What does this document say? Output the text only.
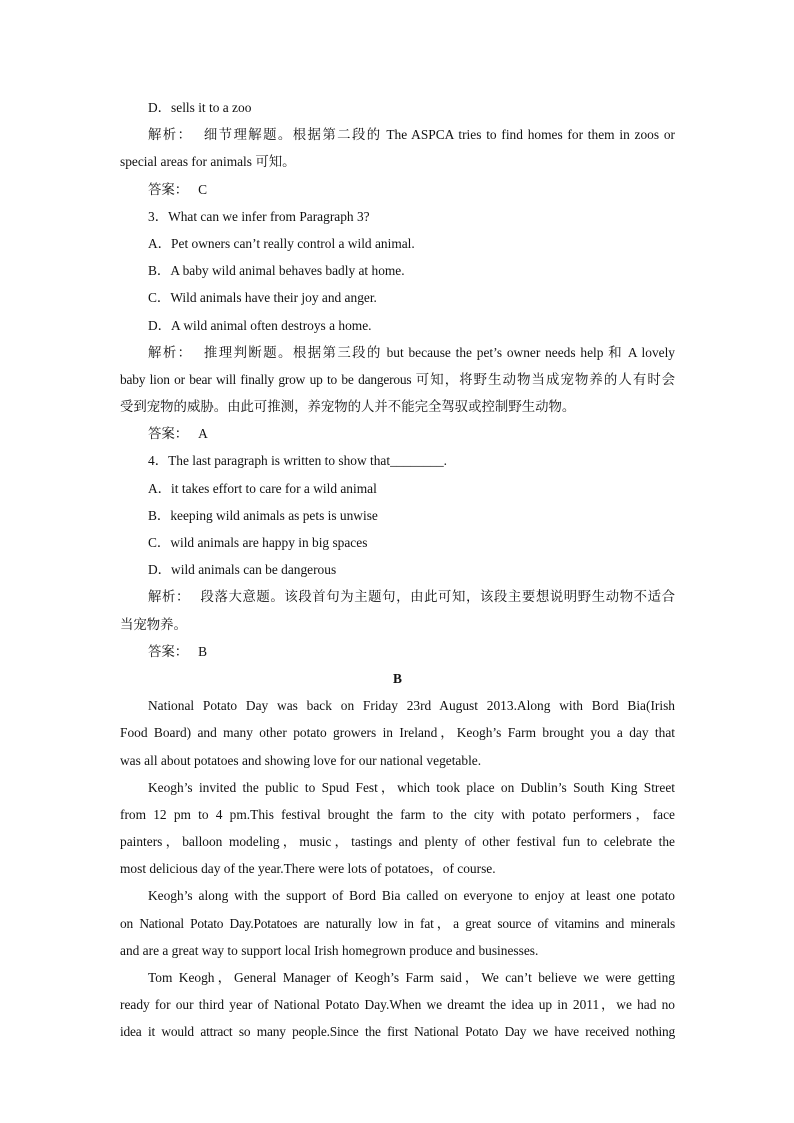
D．sells it to a zoo
解析： 细节理解题。根据第二段的 The ASPCA tries to find homes for them in zoos or
special areas for animals 可知。
答案： C
3．What can we infer from Paragraph 3?
A．Pet owners can’t really control a wild animal.
B．A baby wild animal behaves badly at home.
C．Wild animals have their joy and anger.
D．A wild animal often destroys a home.
解析： 推理判断题。根据第三段的 but because the pet’s owner needs help 和 A lovely
baby lion or bear will finally grow up to be dangerous 可知，将野生动物当成宠物养的人有时会
受到宠物的威胁。由此可推测，养宠物的人并不能完全驾驭或控制野生动物。
答案： A
4．The last paragraph is written to show that________.
A．it takes effort to care for a wild animal
B．keeping wild animals as pets is unwise
C．wild animals are happy in big spaces
D．wild animals can be dangerous
解析： 段落大意题。该段首句为主题句，由此可知，该段主要想说明野生动物不适合
当宠物养。
答案： B
B
National Potato Day was back on Friday 23rd August 2013.Along with Bord Bia(Irish
Food Board) and many other potato growers in Ireland，Keogh’s Farm brought you a day that
was all about potatoes and showing love for our national vegetable.
Keogh’s invited the public to Spud Fest，which took place on Dublin’s South King Street
from 12 pm to 4 pm.This festival brought the farm to the city with potato performers，face
painters，balloon modeling，music，tastings and plenty of other festival fun to celebrate the
most delicious day of the year.There were lots of potatoes，of course.
Keogh’s along with the support of Bord Bia called on everyone to enjoy at least one potato
on National Potato Day.Potatoes are naturally low in fat，a great source of vitamins and minerals
and are a great way to support local Irish homegrown produce and businesses.
Tom Keogh，General Manager of Keogh’s Farm said，We can’t believe we were getting
ready for our third year of National Potato Day.When we dreamt the idea up in 2011，we had no
idea it would attract so many people.Since the first National Potato Day we have received nothing
